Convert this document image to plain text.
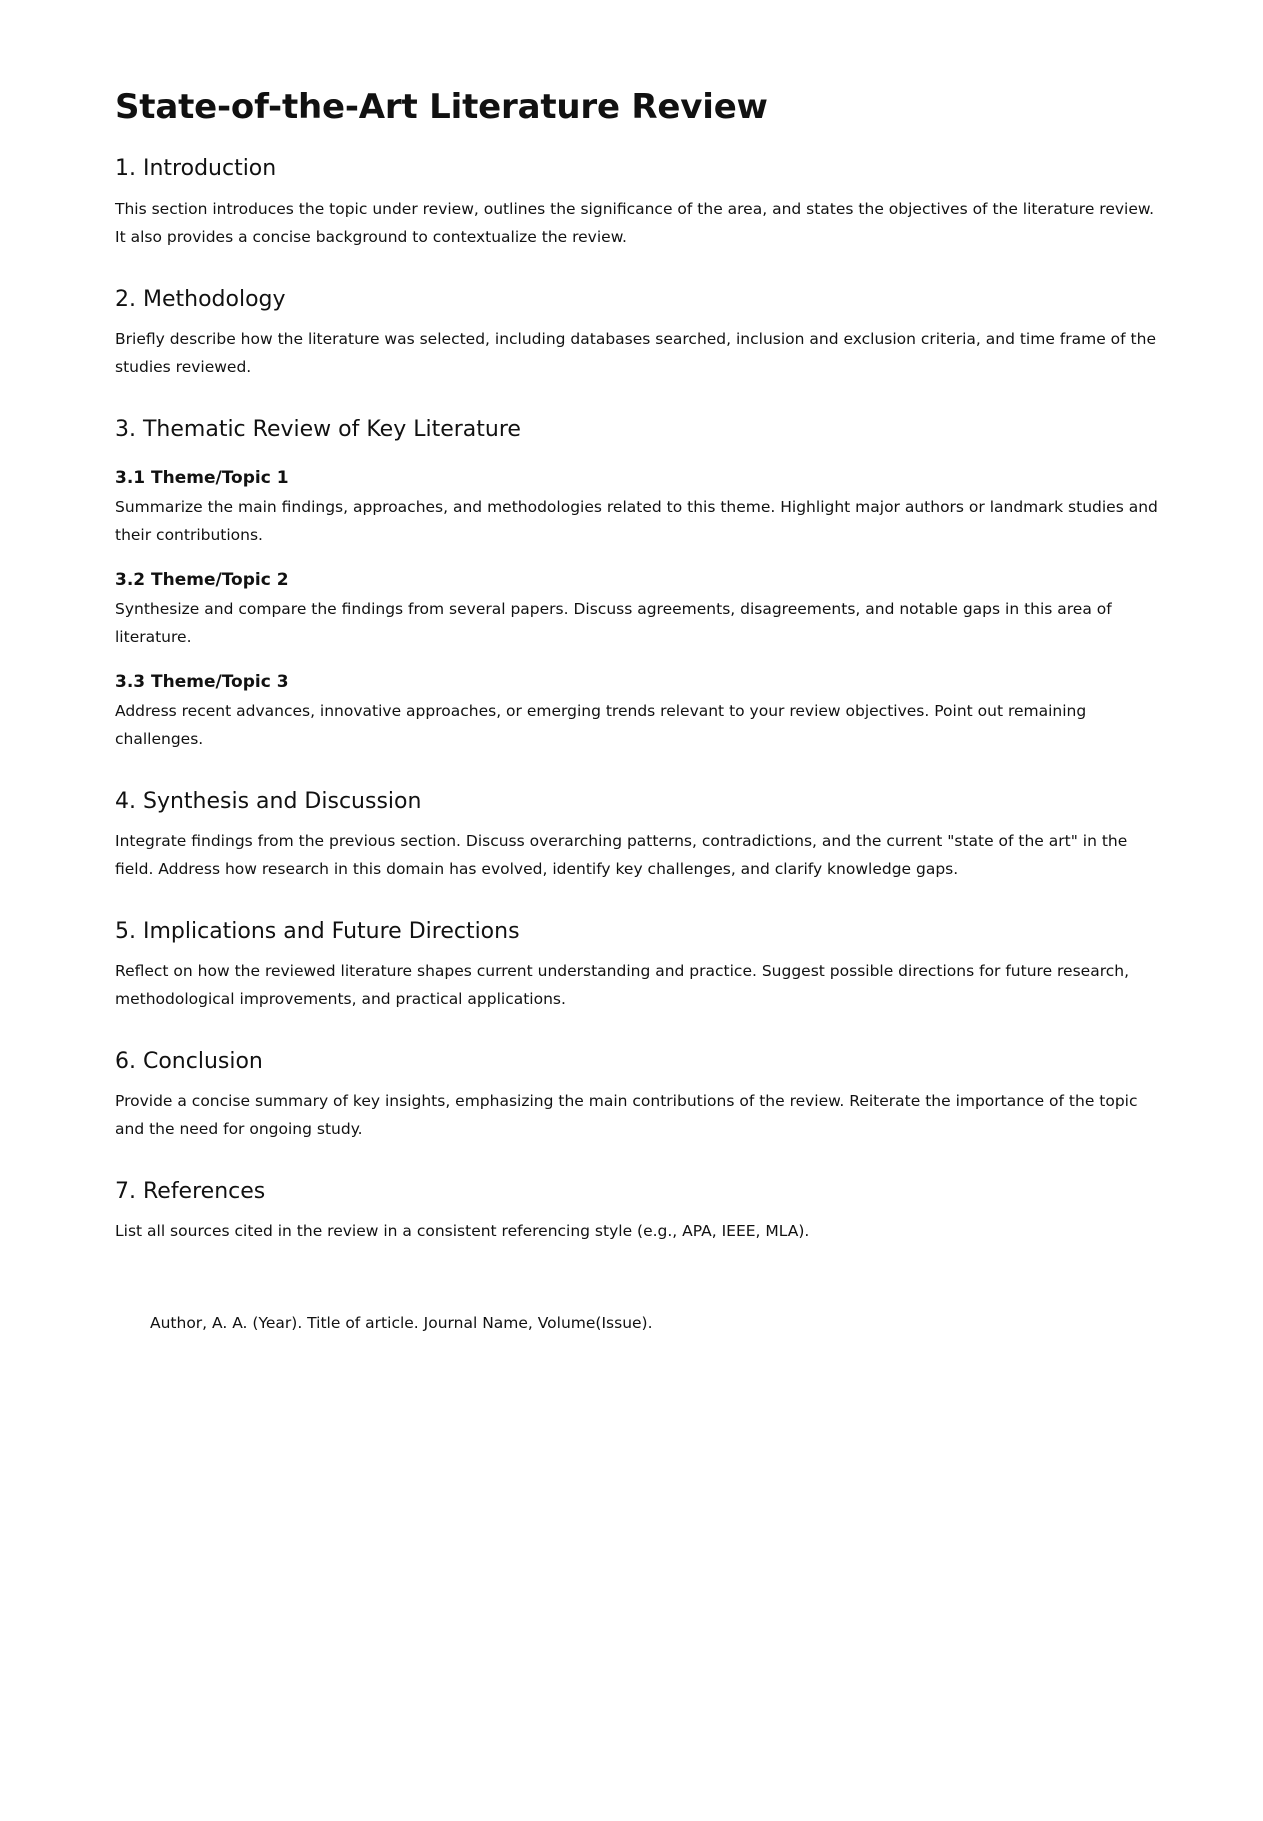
State-of-the-Art Literature Review
1. Introduction

This section introduces the topic under review, outlines the significance of the area, and states the objectives of the literature review. It also provides a concise background to contextualize the review.

2. Methodology

Briefly describe how the literature was selected, including databases searched, inclusion and exclusion criteria, and time frame of the studies reviewed.

3. Thematic Review of Key Literature
3.1 Theme/Topic 1

Summarize the main findings, approaches, and methodologies related to this theme. Highlight major authors or landmark studies and their contributions.

3.2 Theme/Topic 2

Synthesize and compare the findings from several papers. Discuss agreements, disagreements, and notable gaps in this area of literature.

3.3 Theme/Topic 3

Address recent advances, innovative approaches, or emerging trends relevant to your review objectives. Point out remaining challenges.

4. Synthesis and Discussion

Integrate findings from the previous section. Discuss overarching patterns, contradictions, and the current "state of the art" in the field. Address how research in this domain has evolved, identify key challenges, and clarify knowledge gaps.

5. Implications and Future Directions

Reflect on how the reviewed literature shapes current understanding and practice. Suggest possible directions for future research, methodological improvements, and practical applications.

6. Conclusion

Provide a concise summary of key insights, emphasizing the main contributions of the review. Reiterate the importance of the topic and the need for ongoing study.

7. References

List all sources cited in the review in a consistent referencing style (e.g., APA, IEEE, MLA).

Author, A. A. (Year). Title of article. Journal Name, Volume(Issue).
